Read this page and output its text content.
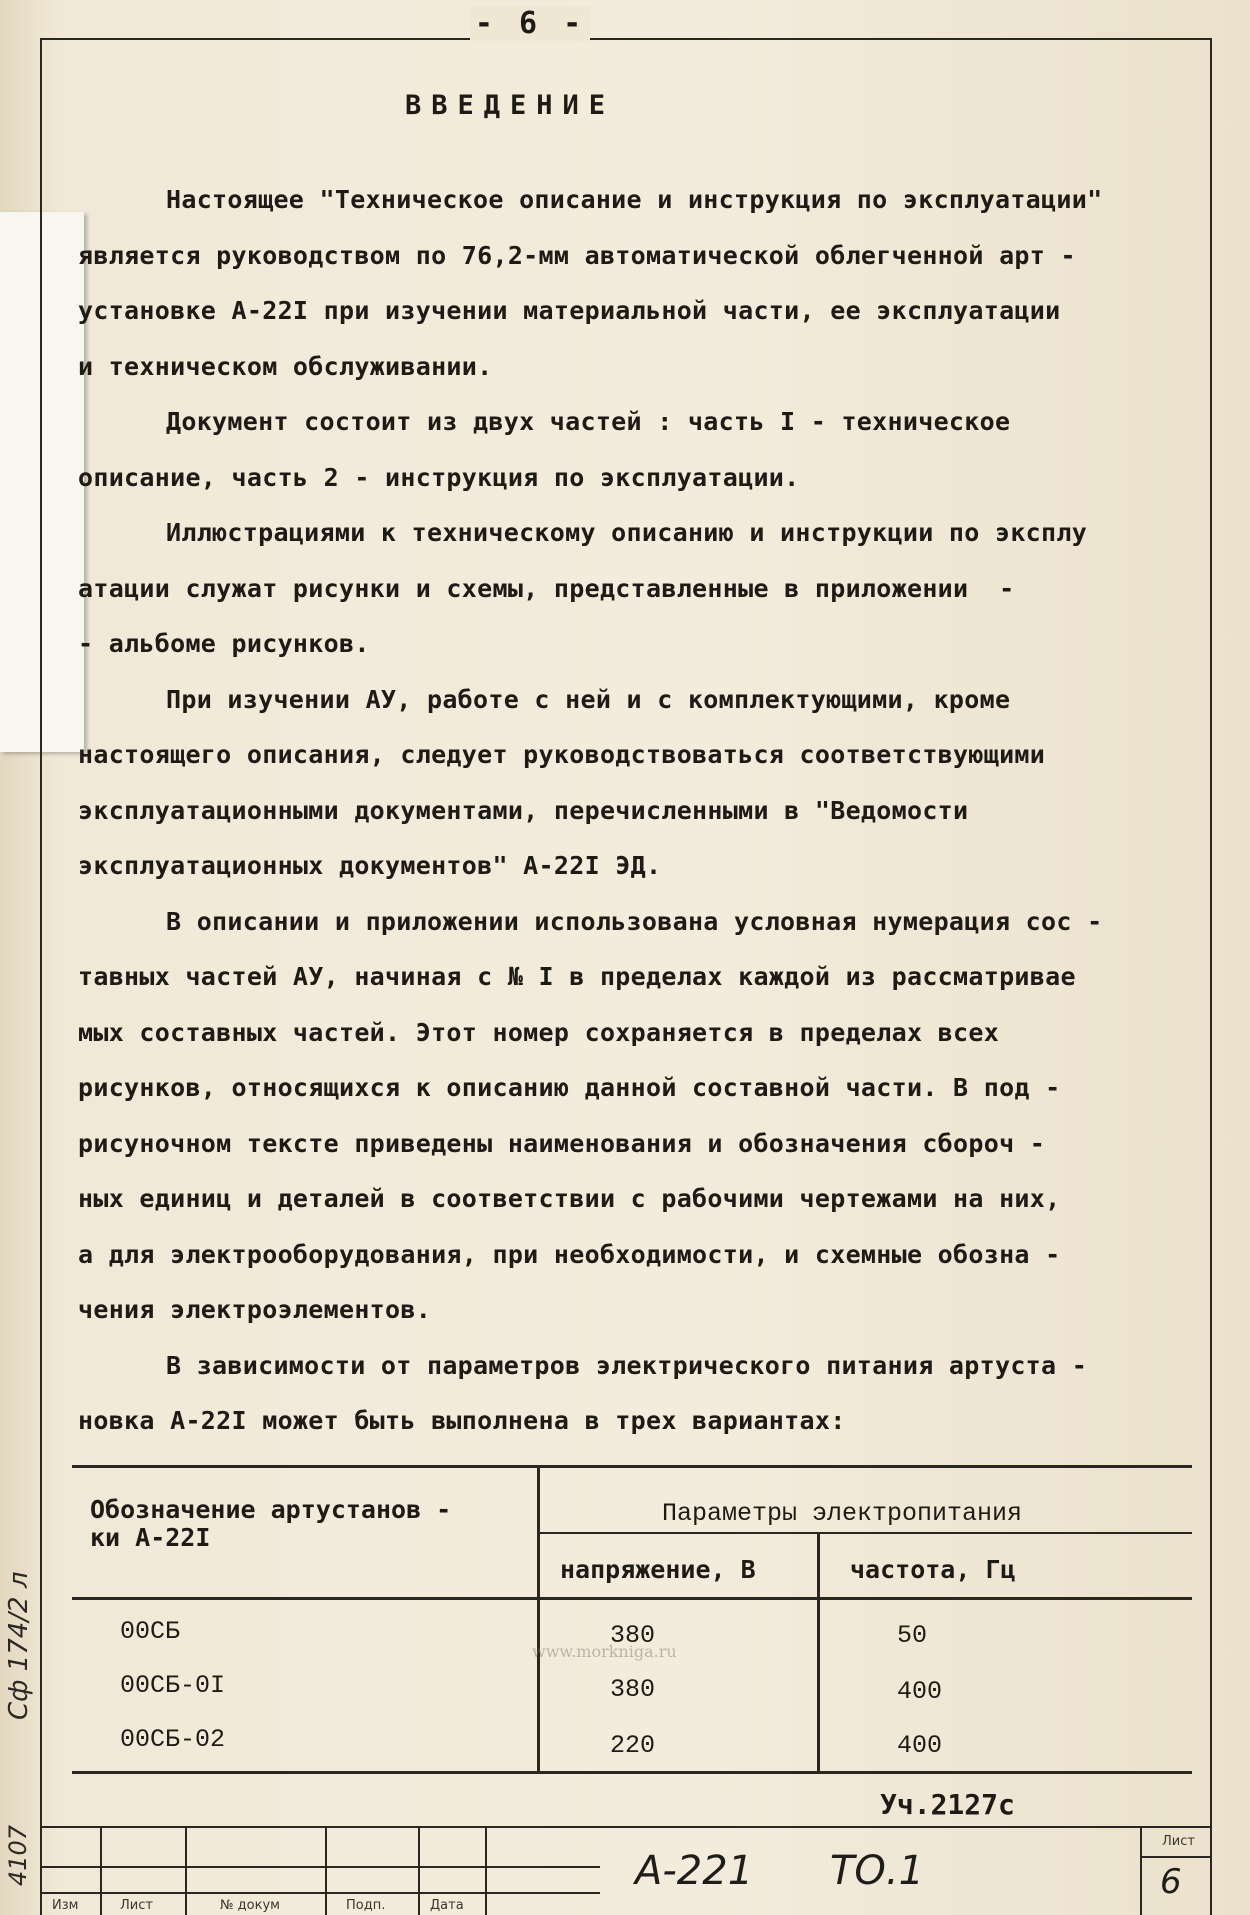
- 6 -
ВВЕДЕНИЕ
Настоящее "Техническое описание и инструкция по эксплуатации"
является руководством по 76,2-мм автоматической облегченной арт -
установке А-22I при изучении материальной части, ее эксплуатации
и техническом обслуживании.
Документ состоит из двух частей : часть I - техническое
описание, часть 2 - инструкция по эксплуатации.
Иллюстрациями к техническому описанию и инструкции по эксплу
атации служат рисунки и схемы, представленные в приложении  -
- альбоме рисунков.
При изучении АУ, работе с ней и с комплектующими, кроме
настоящего описания, следует руководствоваться соответствующими
эксплуатационными документами, перечисленными в "Ведомости
эксплуатационных документов" А-22I ЭД.
В описании и приложении использована условная нумерация сос -
тавных частей АУ, начиная с № I в пределах каждой из рассматривае
мых составных частей. Этот номер сохраняется в пределах всех
рисунков, относящихся к описанию данной составной части. В под -
рисуночном тексте приведены наименования и обозначения сбороч -
ных единиц и деталей в соответствии с рабочими чертежами на них,
а для электрооборудования, при необходимости, и схемные обозна -
чения электроэлементов.
В зависимости от параметров электрического питания артуста -
новка А-22I может быть выполнена в трех вариантах:
Обозначение артустанов -
ки А-22I
Параметры электропитания
напряжение, В	частота, Гц
00СБ	380	50
00СБ-0I	380	400
00СБ-02	220	400
www.morkniga.ru
Уч.2127с
Изм	Лист	№ докум	Подп.	Дата
А-221 ТО.1
Лист
6
Сф 174/2 л
4107
